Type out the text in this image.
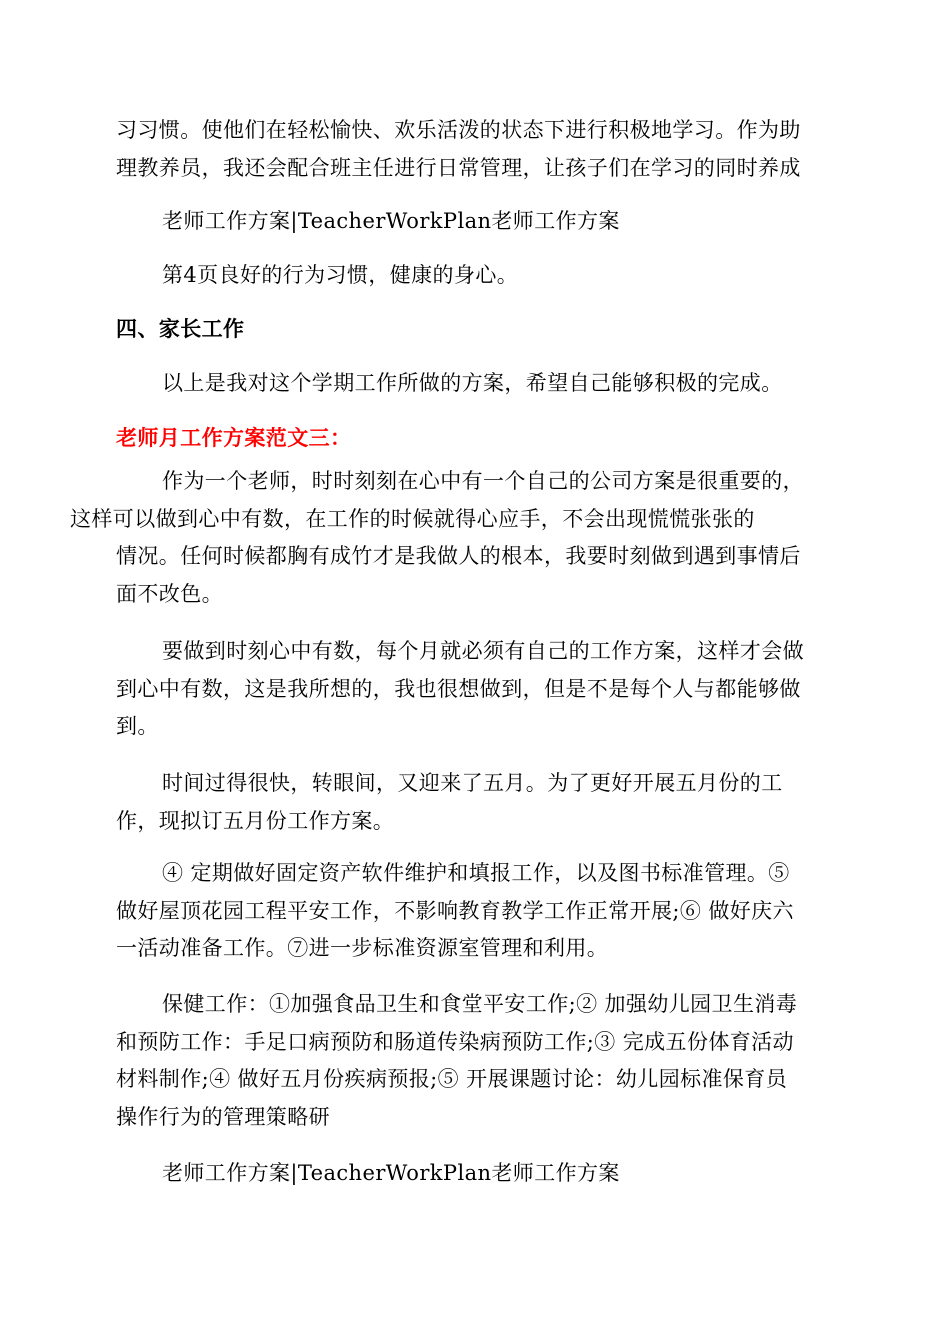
习习惯。使他们在轻松愉快、欢乐活泼的状态下进行积极地学习。作为助
理教养员，我还会配合班主任进行日常管理，让孩子们在学习的同时养成

老师工作方案|TeacherWorkPlan老师工作方案

第4页良好的行为习惯，健康的身心。

四、家长工作

以上是我对这个学期工作所做的方案，希望自己能够积极的完成。

老师月工作方案范文三：

作为一个老师，时时刻刻在心中有一个自己的公司方案是很重要的，
这样可以做到心中有数，在工作的时候就得心应手，不会出现慌慌张张的
情况。任何时候都胸有成竹才是我做人的根本，我要时刻做到遇到事情后
面不改色。

要做到时刻心中有数，每个月就必须有自己的工作方案，这样才会做
到心中有数，这是我所想的，我也很想做到，但是不是每个人与都能够做
到。

时间过得很快，转眼间，又迎来了五月。为了更好开展五月份的工
作，现拟订五月份工作方案。

④ 定期做好固定资产软件维护和填报工作，以及图书标准管理。⑤
做好屋顶花园工程平安工作，不影响教育教学工作正常开展;⑥ 做好庆六
一活动准备工作。⑦进一步标准资源室管理和利用。

保健工作：①加强食品卫生和食堂平安工作;② 加强幼儿园卫生消毒
和预防工作：手足口病预防和肠道传染病预防工作;③ 完成五份体育活动
材料制作;④ 做好五月份疾病预报;⑤ 开展课题讨论：幼儿园标准保育员
操作行为的管理策略研

老师工作方案|TeacherWorkPlan老师工作方案
